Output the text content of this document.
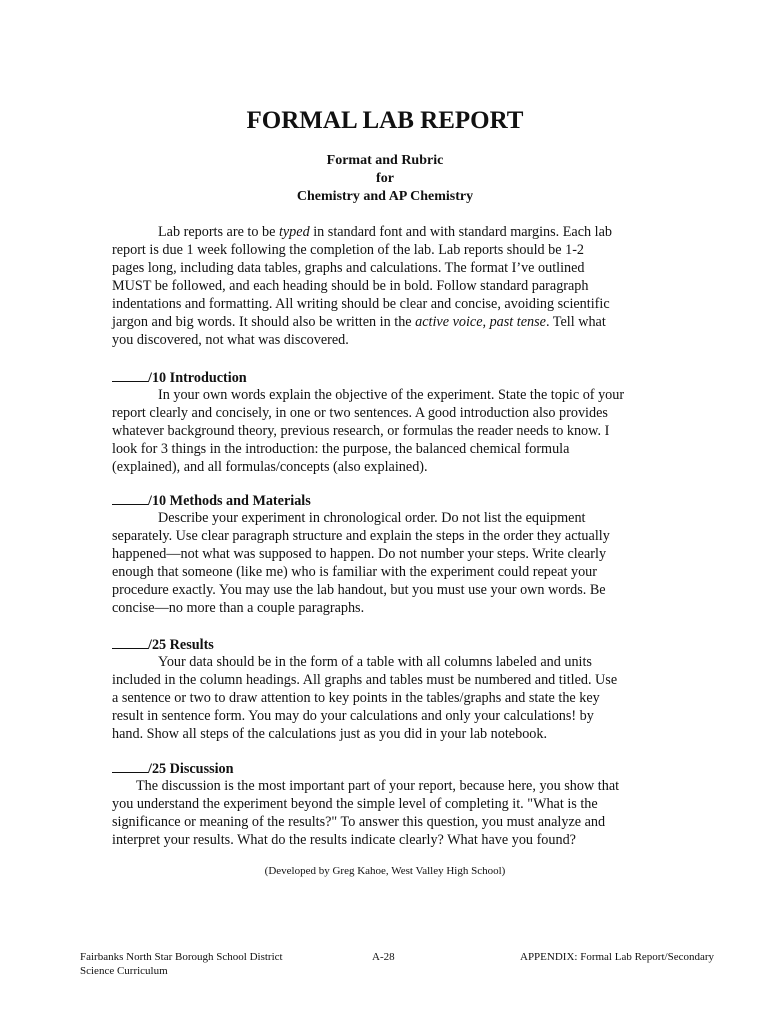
FORMAL LAB REPORT
Format and Rubric
for
Chemistry and AP Chemistry
Lab reports are to be typed in standard font and with standard margins. Each lab
report is due 1 week following the completion of the lab. Lab reports should be 1-2
pages long, including data tables, graphs and calculations. The format I’ve outlined
MUST be followed, and each heading should be in bold. Follow standard paragraph
indentations and formatting. All writing should be clear and concise, avoiding scientific
jargon and big words. It should also be written in the active voice, past tense. Tell what
you discovered, not what was discovered.
/10 Introduction
In your own words explain the objective of the experiment. State the topic of your
report clearly and concisely, in one or two sentences. A good introduction also provides
whatever background theory, previous research, or formulas the reader needs to know. I
look for 3 things in the introduction: the purpose, the balanced chemical formula
(explained), and all formulas/concepts (also explained).
/10 Methods and Materials
Describe your experiment in chronological order. Do not list the equipment
separately. Use clear paragraph structure and explain the steps in the order they actually
happened—not what was supposed to happen. Do not number your steps. Write clearly
enough that someone (like me) who is familiar with the experiment could repeat your
procedure exactly. You may use the lab handout, but you must use your own words. Be
concise—no more than a couple paragraphs.
/25 Results
Your data should be in the form of a table with all columns labeled and units
included in the column headings. All graphs and tables must be numbered and titled. Use
a sentence or two to draw attention to key points in the tables/graphs and state the key
result in sentence form. You may do your calculations and only your calculations! by
hand. Show all steps of the calculations just as you did in your lab notebook.
/25 Discussion
The discussion is the most important part of your report, because here, you show that
you understand the experiment beyond the simple level of completing it. "What is the
significance or meaning of the results?" To answer this question, you must analyze and
interpret your results. What do the results indicate clearly? What have you found?
(Developed by Greg Kahoe, West Valley High School)
Fairbanks North Star Borough School District
Science Curriculum
A-28	APPENDIX: Formal Lab Report/Secondary
